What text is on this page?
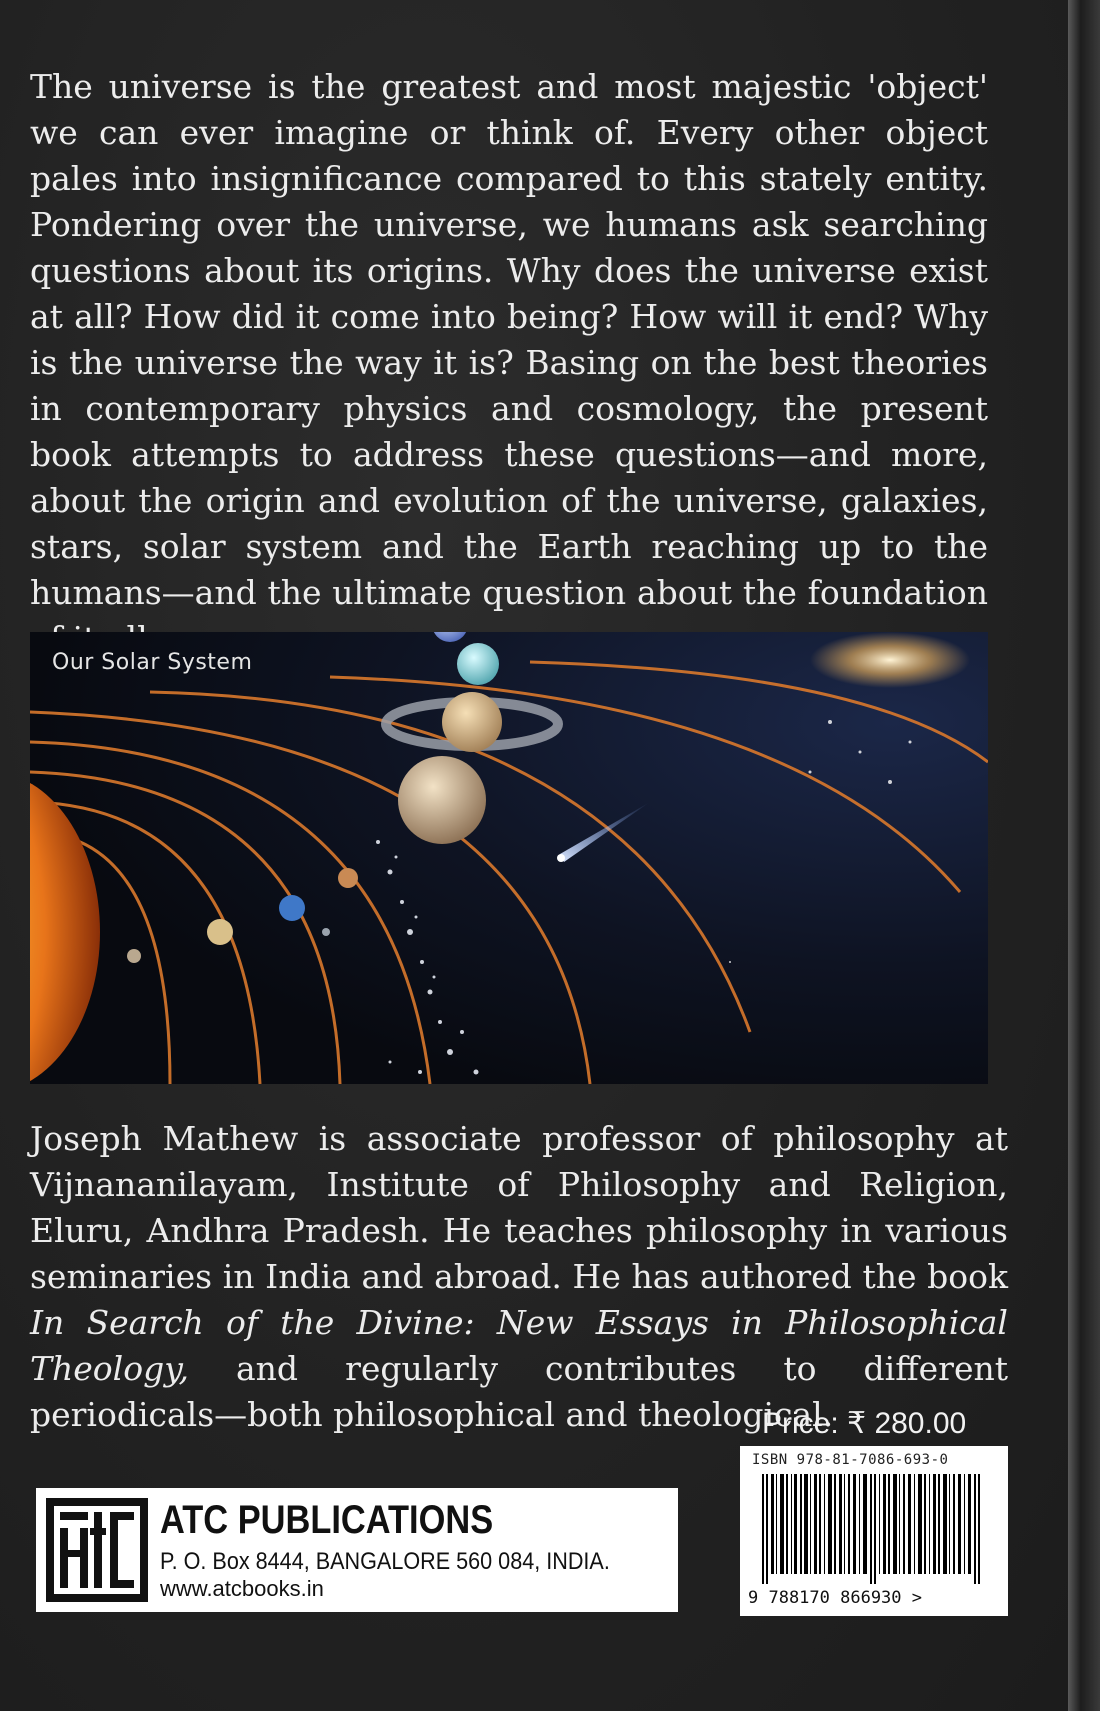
The universe is the greatest and most majestic 'object' we can ever imagine or think of. Every other object pales into insignificance compared to this stately entity. Pondering over the universe, we humans ask searching questions about its origins. Why does the universe exist at all? How did it come into being? How will it end? Why is the universe the way it is? Basing on the best theories in contemporary physics and cosmology, the present book attempts to address these questions—and more, about the origin and evolution of the universe, galaxies, stars, solar system and the Earth reaching up to the humans—and the ultimate question about the foundation

Our Solar System

Joseph Mathew is associate professor of philosophy at Vijnananilayam, Institute of Philosophy and Religion, Eluru, Andhra Pradesh. He teaches philosophy in various seminaries in India and abroad. He has authored the book In Search of the Divine: New Essays in Philosophical Theology, and regularly contributes to different periodicals—both philosophical and theological.

Price: ₹ 280.00
ISBN 978-81-7086-693-0
9 788170 866930 >
ATC PUBLICATIONS
P. O. Box 8444, BANGALORE 560 084, INDIA.
www.atcbooks.in
